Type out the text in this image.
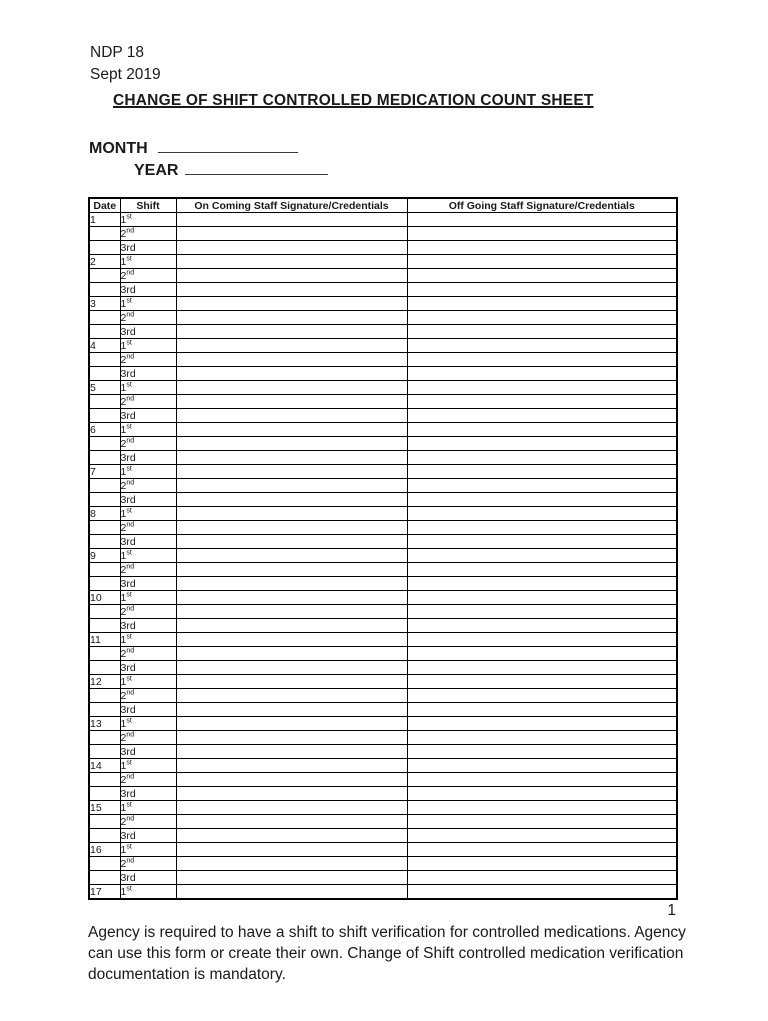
NDP 18
Sept 2019
CHANGE OF SHIFT CONTROLLED MEDICATION COUNT SHEET
MONTH
YEAR
Date	Shift	On Coming Staff Signature/Credentials	Off Going Staff Signature/Credentials
1	1st		
	2nd		
	3rd		
2	1st		
	2nd		
	3rd		
3	1st		
	2nd		
	3rd		
4	1st		
	2nd		
	3rd		
5	1st		
	2nd		
	3rd		
6	1st		
	2nd		
	3rd		
7	1st		
	2nd		
	3rd		
8	1st		
	2nd		
	3rd		
9	1st		
	2nd		
	3rd		
10	1st		
	2nd		
	3rd		
11	1st		
	2nd		
	3rd		
12	1st		
	2nd		
	3rd		
13	1st		
	2nd		
	3rd		
14	1st		
	2nd		
	3rd		
15	1st		
	2nd		
	3rd		
16	1st		
	2nd		
	3rd		
17	1st		
1
Agency is required to have a shift to shift verification for controlled medications. Agency
can use this form or create their own. Change of Shift controlled medication verification
documentation is mandatory.
